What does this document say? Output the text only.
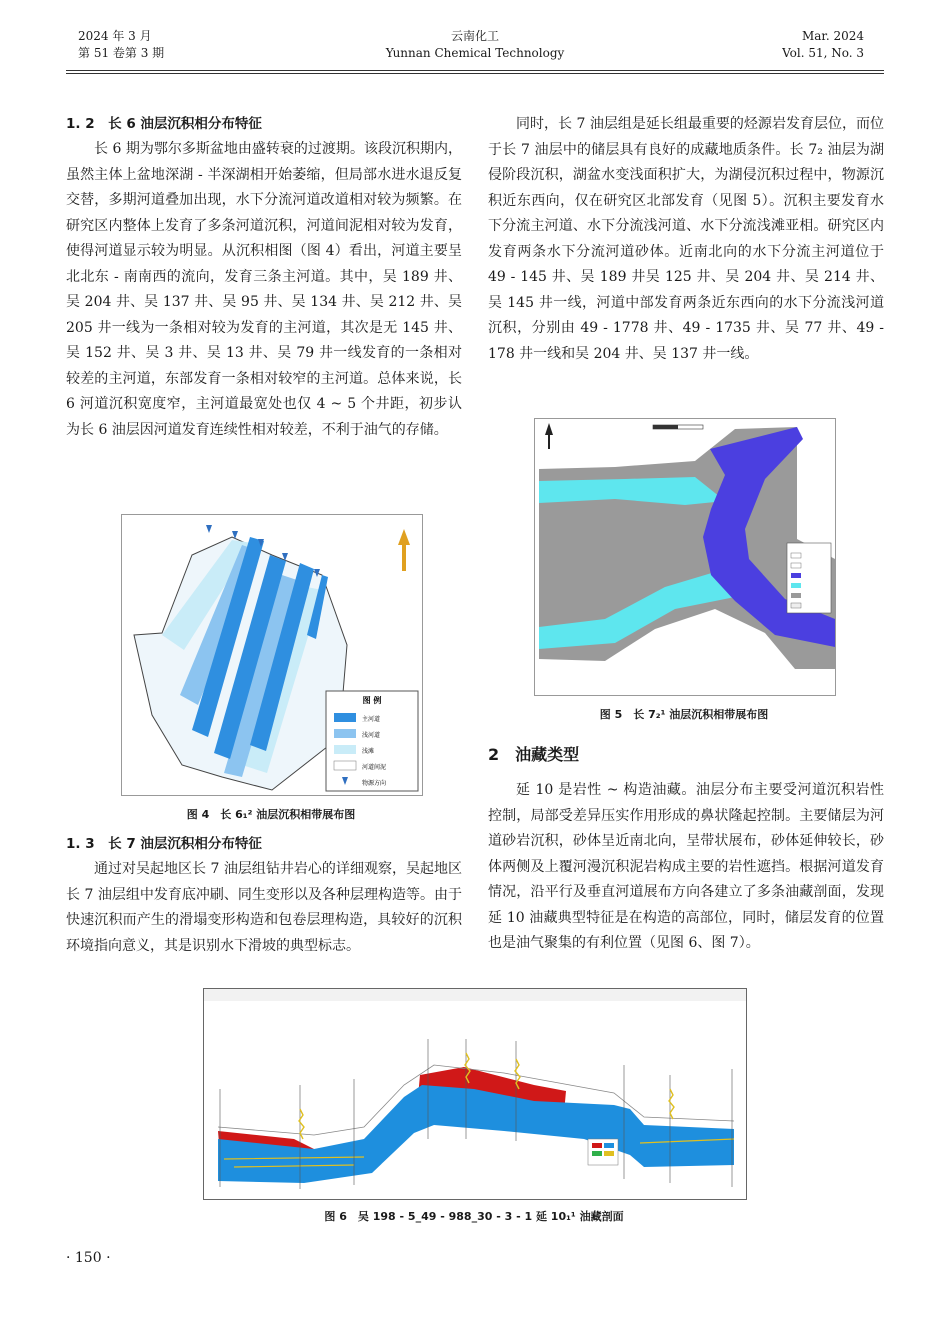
2024 年 3 月
第 51 卷第 3 期
云南化工
Yunnan Chemical Technology
Mar. 2024
Vol. 51, No. 3
1. 2　长 6 油层沉积相分布特征

长 6 期为鄂尔多斯盆地由盛转衰的过渡期。该段沉积期内，虽然主体上盆地深湖 - 半深湖相开始萎缩，但局部水进水退反复交替，多期河道叠加出现，水下分流河道改道相对较为频繁。在研究区内整体上发育了多条河道沉积，河道间泥相对较为发育，使得河道显示较为明显。从沉积相图（图 4）看出，河道主要呈北北东 - 南南西的流向，发育三条主河道。其中，吴 189 井、吴 204 井、吴 137 井、吴 95 井、吴 134 井、吴 212 井、吴 205 井一线为一条相对较为发育的主河道，其次是无 145 井、吴 152 井、吴 3 井、吴 13 井、吴 79 井一线发育的一条相对较差的主河道，东部发育一条相对较窄的主河道。总体来说，长 6 河道沉积宽度窄，主河道最宽处也仅 4 ~ 5 个井距，初步认为长 6 油层因河道发育连续性相对较差，不利于油气的存储。

图 例
主河道
浅河道
浅滩
河道间泥
物源方向
图 4　长 6₁² 油层沉积相带展布图
1. 3　长 7 油层沉积相分布特征

通过对吴起地区长 7 油层组钻井岩心的详细观察，吴起地区长 7 油层组中发育底冲刷、同生变形以及各种层理构造等。由于快速沉积而产生的滑塌变形构造和包卷层理构造，具较好的沉积环境指向意义，其是识别水下滑坡的典型标志。

同时，长 7 油层组是延长组最重要的烃源岩发育层位，而位于长 7 油层中的储层具有良好的成藏地质条件。长 7₂ 油层为湖侵阶段沉积，湖盆水变浅面积扩大，为湖侵沉积过程中，物源沉积近东西向，仅在研究区北部发育（见图 5）。沉积主要发育水下分流主河道、水下分流浅河道、水下分流浅滩亚相。研究区内发育两条水下分流河道砂体。近南北向的水下分流主河道位于 49 - 145 井、吴 189 井吴 125 井、吴 204 井、吴 214 井、吴 145 井一线，河道中部发育两条近东西向的水下分流浅河道沉积，分别由 49 - 1778 井、49 - 1735 井、吴 77 井、49 - 178 井一线和吴 204 井、吴 137 井一线。

图 5　长 7₂¹ 油层沉积相带展布图
2　油藏类型

延 10 是岩性 ~ 构造油藏。油层分布主要受河道沉积岩性控制，局部受差异压实作用形成的鼻状隆起控制。主要储层为河道砂岩沉积，砂体呈近南北向，呈带状展布，砂体延伸较长，砂体两侧及上覆河漫沉积泥岩构成主要的岩性遮挡。根据河道发育情况，沿平行及垂直河道展布方向各建立了多条油藏剖面，发现延 10 油藏典型特征是在构造的高部位，同时，储层发育的位置也是油气聚集的有利位置（见图 6、图 7）。

图 6　吴 198 - 5_49 - 988_30 - 3 - 1 延 10₁¹ 油藏剖面
· 150 ·
